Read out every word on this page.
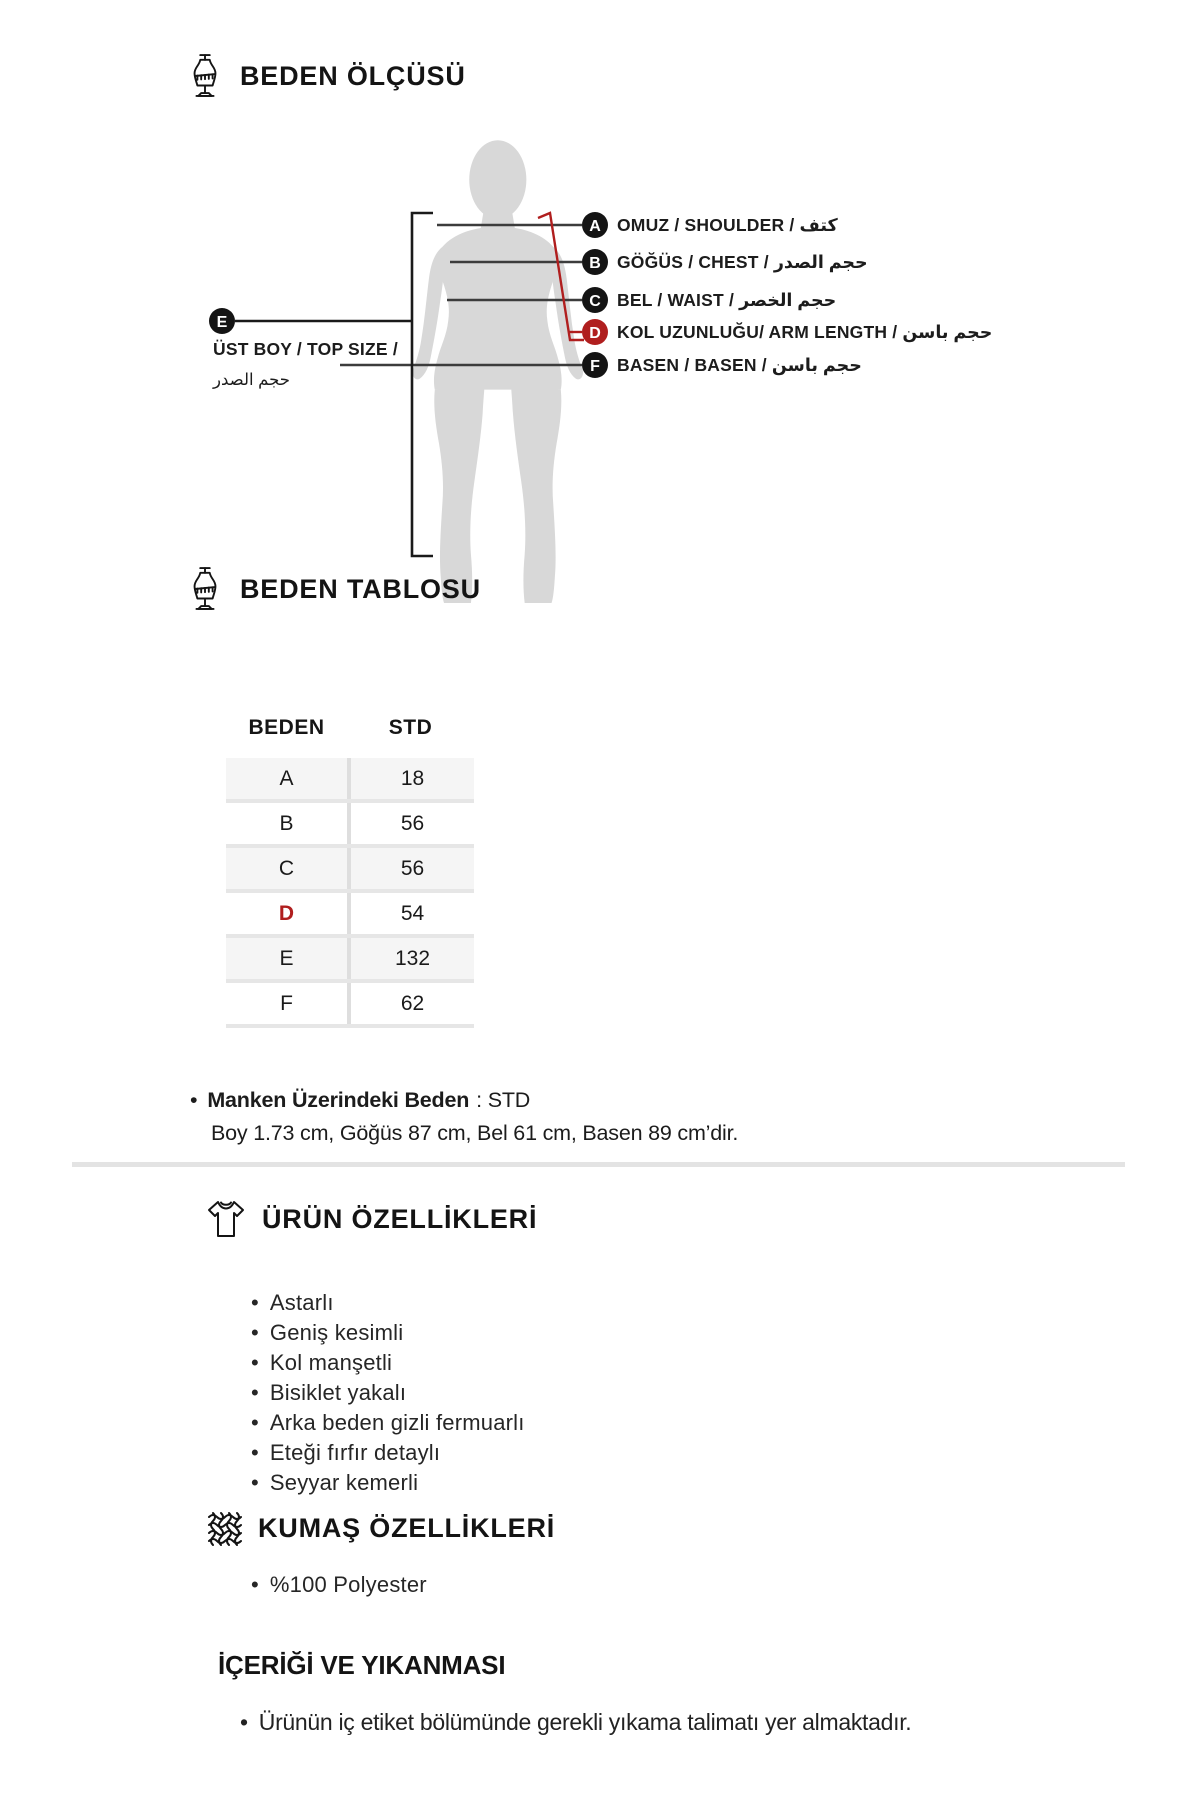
BEDEN ÖLÇÜSÜ
A
B
C
D
F
E
OMUZ / SHOULDER / كتف
GÖĞÜS / CHEST / حجم الصدر
BEL / WAIST / حجم الخصر
KOL UZUNLUĞU/ ARM LENGTH / حجم باسن
BASEN / BASEN / حجم باسن
ÜST BOY / TOP SIZE /
حجم الصدر
BEDEN TABLOSU
BEDEN	STD
A	18
B	56
C	56
D	54
E	132
F	62
• Manken Üzerindeki Beden : STD
Boy 1.73 cm, Göğüs 87 cm, Bel 61 cm, Basen 89 cm’dir.
ÜRÜN ÖZELLİKLERİ
• Astarlı
• Geniş kesimli
• Kol manşetli
• Bisiklet yakalı
• Arka beden gizli fermuarlı
• Eteği fırfır detaylı
• Seyyar kemerli
KUMAŞ ÖZELLİKLERİ
• %100 Polyester
İÇERİĞİ VE YIKANMASI
• Ürünün iç etiket bölümünde gerekli yıkama talimatı yer almaktadır.
